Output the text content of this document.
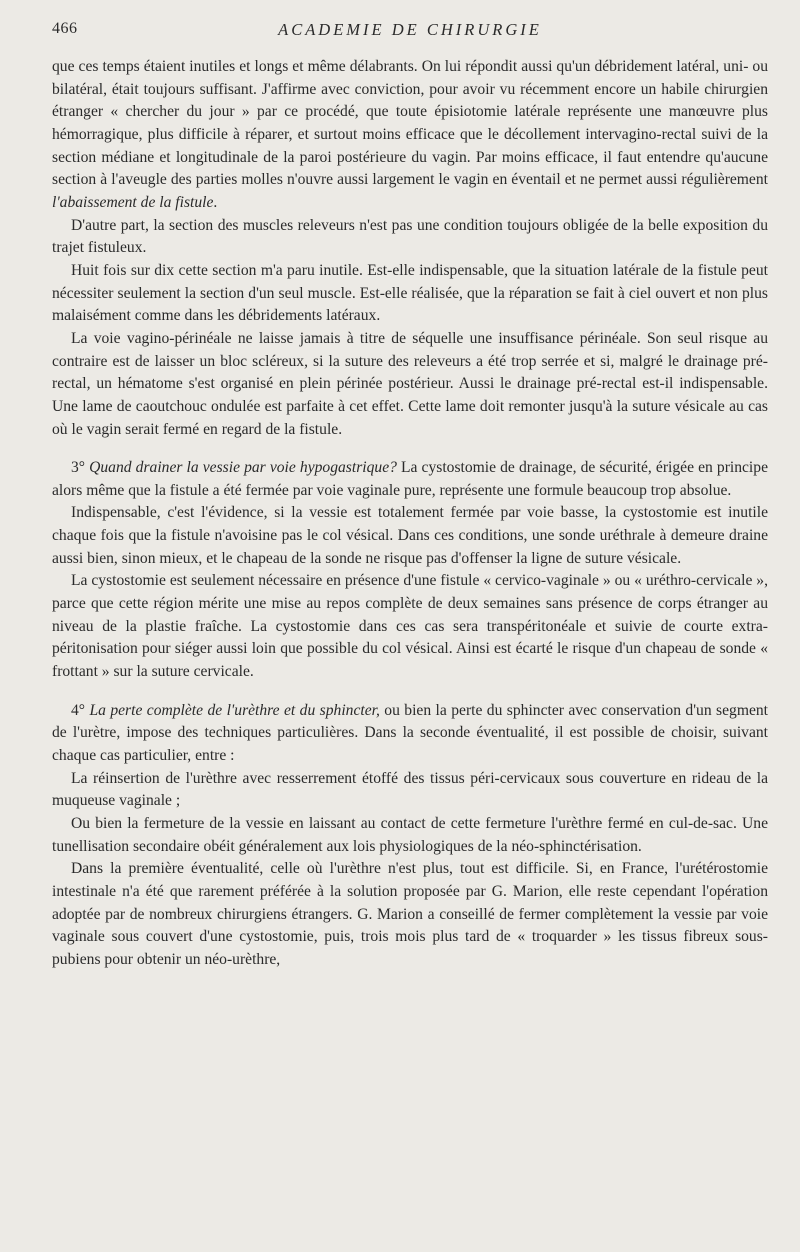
466	ACADEMIE DE CHIRURGIE

que ces temps étaient inutiles et longs et même délabrants. On lui répondit aussi qu'un débridement latéral, uni- ou bilatéral, était toujours suffisant. J'affirme avec conviction, pour avoir vu récemment encore un habile chirurgien étranger « chercher du jour » par ce procédé, que toute épisiotomie latérale représente une manœuvre plus hémorragique, plus difficile à réparer, et surtout moins efficace que le décollement intervagino-rectal suivi de la section médiane et longitudinale de la paroi postérieure du vagin. Par moins efficace, il faut entendre qu'aucune section à l'aveugle des parties molles n'ouvre aussi largement le vagin en éventail et ne permet aussi régulièrement l'abaissement de la fistule.

D'autre part, la section des muscles releveurs n'est pas une condition toujours obligée de la belle exposition du trajet fistuleux.

Huit fois sur dix cette section m'a paru inutile. Est-elle indispensable, que la situation latérale de la fistule peut nécessiter seulement la section d'un seul muscle. Est-elle réalisée, que la réparation se fait à ciel ouvert et non plus malaisément comme dans les débridements latéraux.

La voie vagino-périnéale ne laisse jamais à titre de séquelle une insuffisance périnéale. Son seul risque au contraire est de laisser un bloc scléreux, si la suture des releveurs a été trop serrée et si, malgré le drainage pré-rectal, un hématome s'est organisé en plein périnée postérieur. Aussi le drainage pré-rectal est-il indispensable. Une lame de caoutchouc ondulée est parfaite à cet effet. Cette lame doit remonter jusqu'à la suture vésicale au cas où le vagin serait fermé en regard de la fistule.

3° Quand drainer la vessie par voie hypogastrique? La cystostomie de drainage, de sécurité, érigée en principe alors même que la fistule a été fermée par voie vaginale pure, représente une formule beaucoup trop absolue.

Indispensable, c'est l'évidence, si la vessie est totalement fermée par voie basse, la cystostomie est inutile chaque fois que la fistule n'avoisine pas le col vésical. Dans ces conditions, une sonde uréthrale à demeure draine aussi bien, sinon mieux, et le chapeau de la sonde ne risque pas d'offenser la ligne de suture vésicale.

La cystostomie est seulement nécessaire en présence d'une fistule « cervico-vaginale » ou « uréthro-cervicale », parce que cette région mérite une mise au repos complète de deux semaines sans présence de corps étranger au niveau de la plastie fraîche. La cystostomie dans ces cas sera transpéritonéale et suivie de courte extra-péritonisation pour siéger aussi loin que possible du col vésical. Ainsi est écarté le risque d'un chapeau de sonde « frottant » sur la suture cervicale.

4° La perte complète de l'urèthre et du sphincter, ou bien la perte du sphincter avec conservation d'un segment de l'urètre, impose des techniques particulières. Dans la seconde éventualité, il est possible de choisir, suivant chaque cas particulier, entre :

La réinsertion de l'urèthre avec resserrement étoffé des tissus péri-cervicaux sous couverture en rideau de la muqueuse vaginale ;

Ou bien la fermeture de la vessie en laissant au contact de cette fermeture l'urèthre fermé en cul-de-sac. Une tunellisation secondaire obéit généralement aux lois physiologiques de la néo-sphinctérisation.

Dans la première éventualité, celle où l'urèthre n'est plus, tout est difficile. Si, en France, l'urétérostomie intestinale n'a été que rarement préférée à la solution proposée par G. Marion, elle reste cependant l'opération adoptée par de nombreux chirurgiens étrangers. G. Marion a conseillé de fermer complètement la vessie par voie vaginale sous couvert d'une cystostomie, puis, trois mois plus tard de « troquarder » les tissus fibreux sous-pubiens pour obtenir un néo-urèthre,
